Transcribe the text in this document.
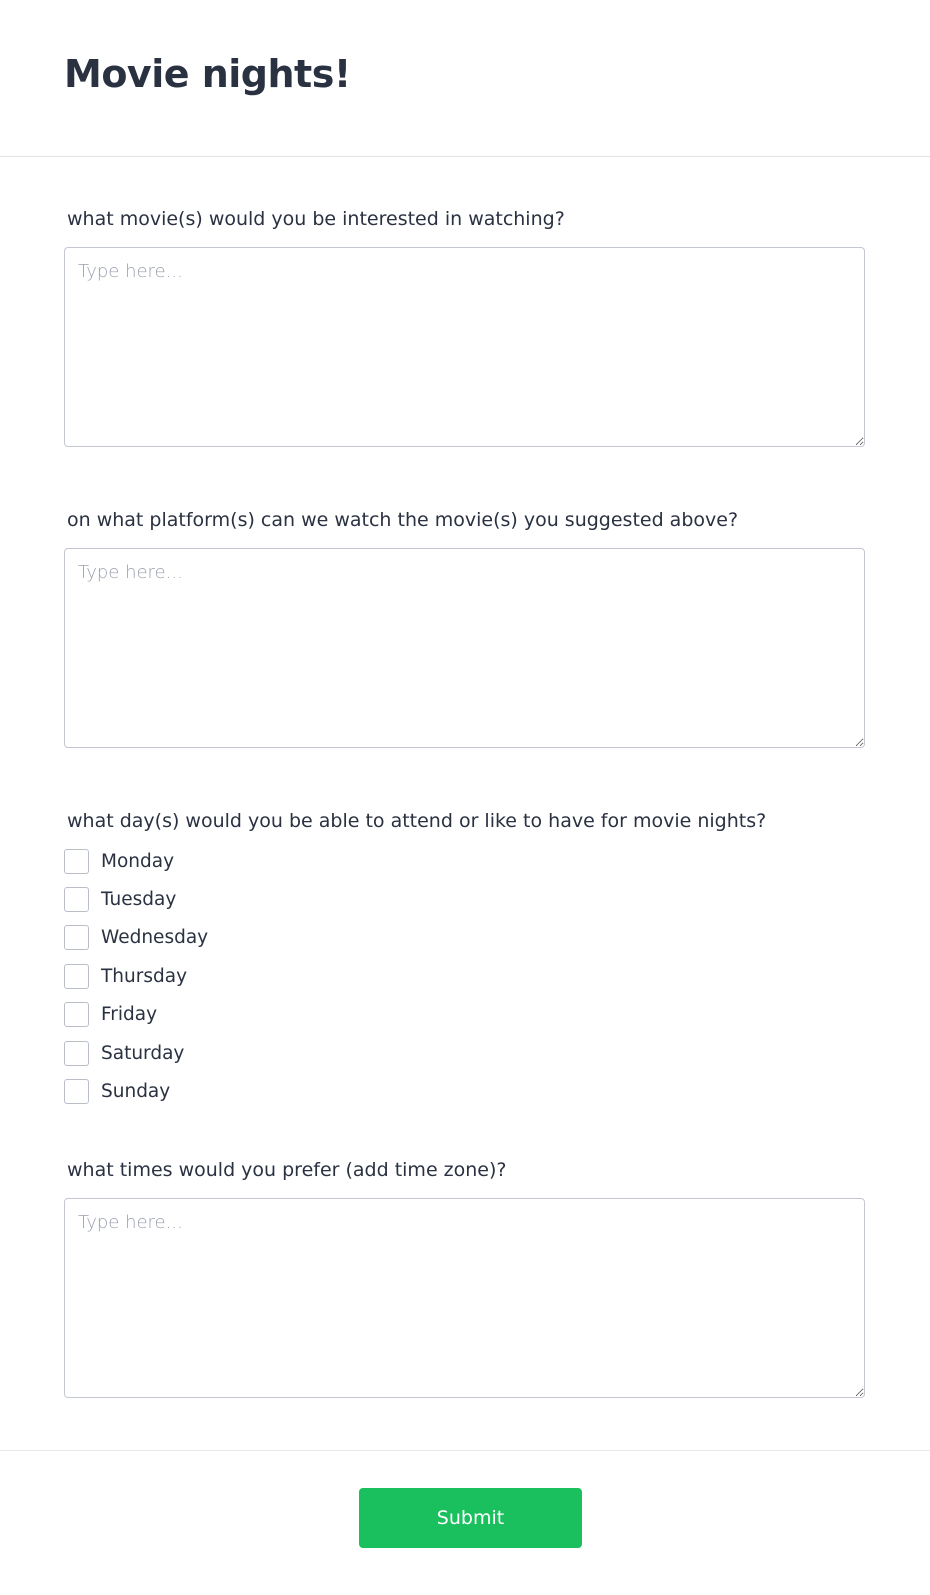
Movie nights!
what movie(s) would you be interested in watching?
Type here...
on what platform(s) can we watch the movie(s) you suggested above?
Type here...
what day(s) would you be able to attend or like to have for movie nights?
Monday
Tuesday
Wednesday
Thursday
Friday
Saturday
Sunday
what times would you prefer (add time zone)?
Type here...
Submit
